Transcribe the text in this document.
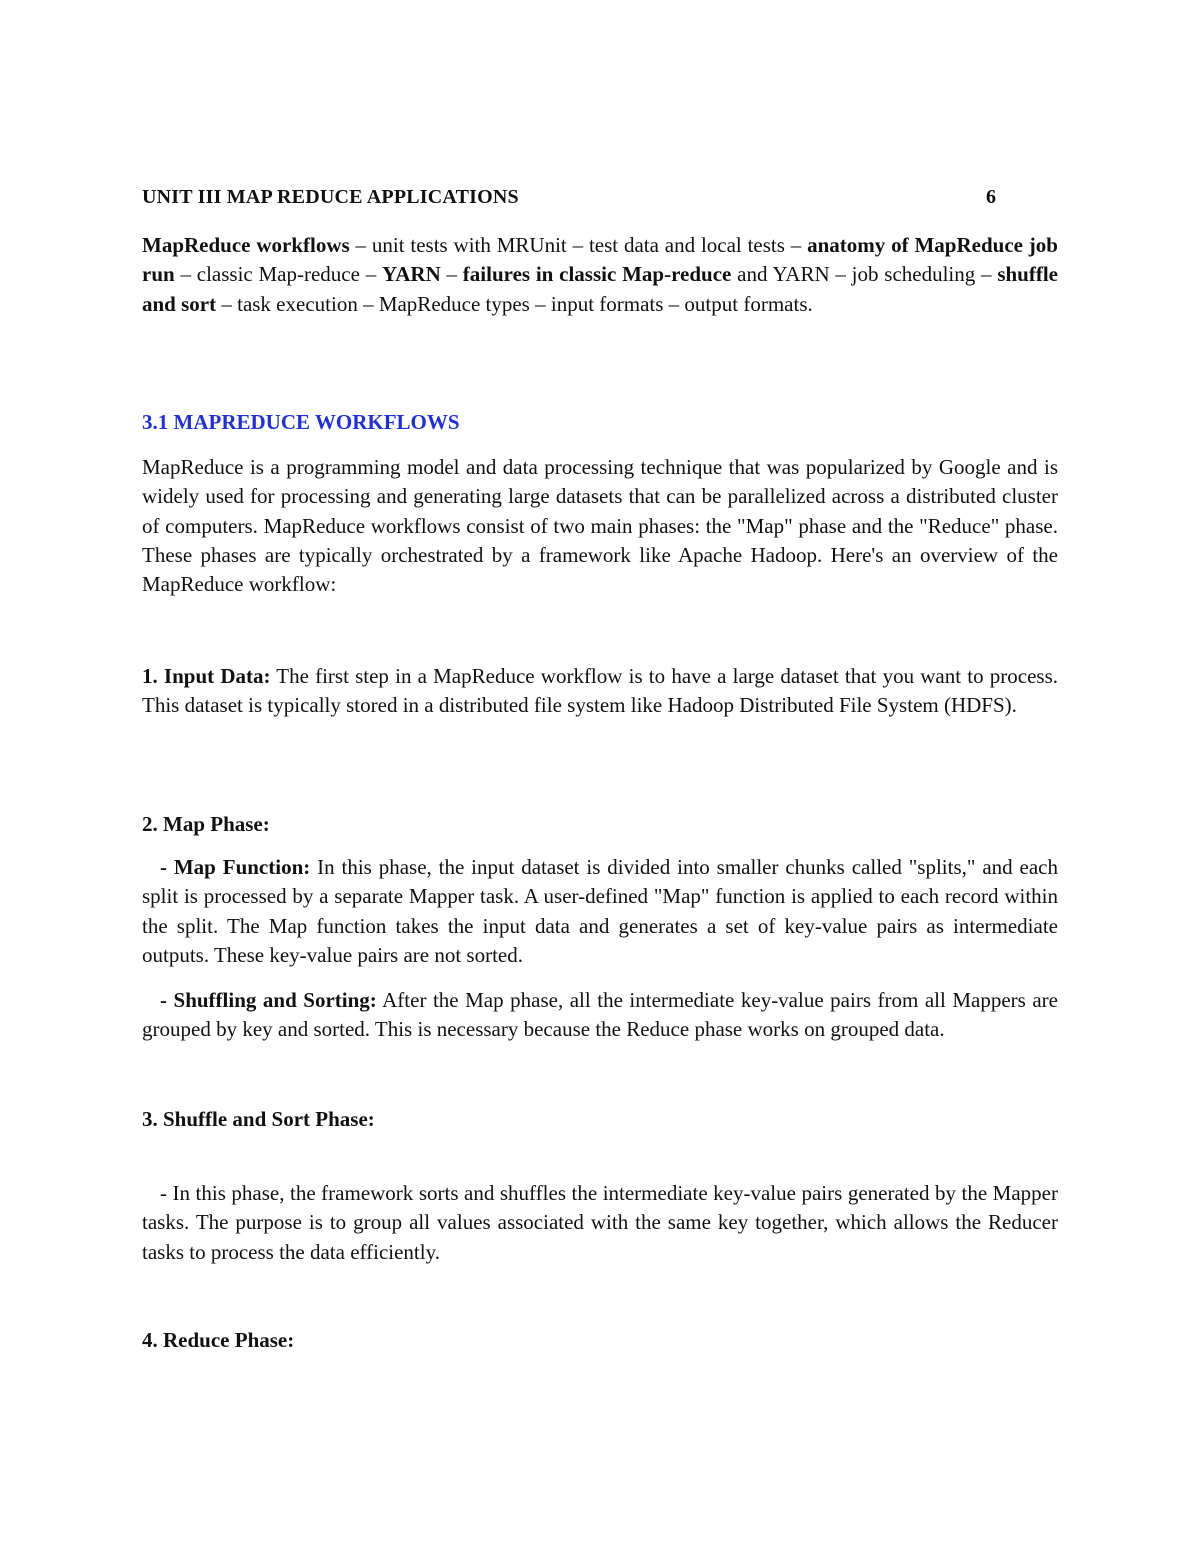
UNIT III MAP REDUCE APPLICATIONS	6

MapReduce workflows – unit tests with MRUnit – test data and local tests – anatomy of MapReduce job run – classic Map-reduce – YARN – failures in classic Map-reduce and YARN – job scheduling – shuffle and sort – task execution – MapReduce types – input formats – output formats.

3.1 MAPREDUCE WORKFLOWS

MapReduce is a programming model and data processing technique that was popularized by Google and is widely used for processing and generating large datasets that can be parallelized across a distributed cluster of computers. MapReduce workflows consist of two main phases: the "Map" phase and the "Reduce" phase. These phases are typically orchestrated by a framework like Apache Hadoop. Here's an overview of the MapReduce workflow:

1. Input Data: The first step in a MapReduce workflow is to have a large dataset that you want to process. This dataset is typically stored in a distributed file system like Hadoop Distributed File System (HDFS).

2. Map Phase:

- Map Function: In this phase, the input dataset is divided into smaller chunks called "splits," and each split is processed by a separate Mapper task. A user-defined "Map" function is applied to each record within the split. The Map function takes the input data and generates a set of key-value pairs as intermediate outputs. These key-value pairs are not sorted.

- Shuffling and Sorting: After the Map phase, all the intermediate key-value pairs from all Mappers are grouped by key and sorted. This is necessary because the Reduce phase works on grouped data.

3. Shuffle and Sort Phase:

- In this phase, the framework sorts and shuffles the intermediate key-value pairs generated by the Mapper tasks. The purpose is to group all values associated with the same key together, which allows the Reducer tasks to process the data efficiently.

4. Reduce Phase:
